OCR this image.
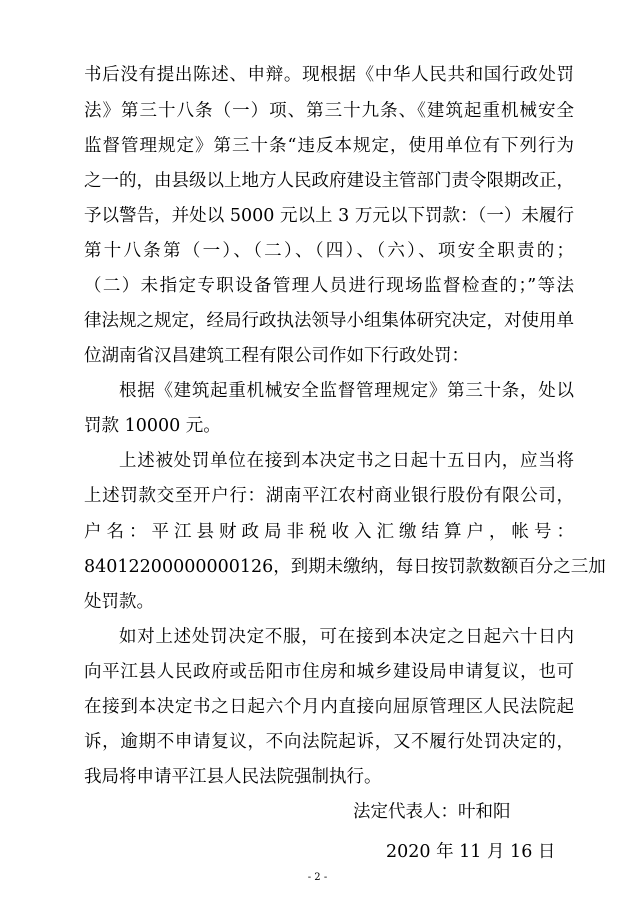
书后没有提出陈述、申辩。现根据《中华人民共和国行政处罚
法》第三十八条（一）项、第三十九条、《建筑起重机械安全
监督管理规定》第三十条“违反本规定，使用单位有下列行为
之一的，由县级以上地方人民政府建设主管部门责令限期改正，
予以警告，并处以 5000 元以上 3 万元以下罚款：（一）未履行
第十八条第（一）、（二）、（四）、（六）、项安全职责的；
（二）未指定专职设备管理人员进行现场监督检查的；”等法
律法规之规定，经局行政执法领导小组集体研究决定，对使用单
位湖南省汉昌建筑工程有限公司作如下行政处罚：
根据《建筑起重机械安全监督管理规定》第三十条，处以
罚款 10000 元。
上述被处罚单位在接到本决定书之日起十五日内，应当将
上述罚款交至开户行：湖南平江农村商业银行股份有限公司，
户名：平江县财政局非税收入汇缴结算户，帐号：
84012200000000126，到期未缴纳，每日按罚款数额百分之三加
处罚款。
如对上述处罚决定不服，可在接到本决定之日起六十日内
向平江县人民政府或岳阳市住房和城乡建设局申请复议，也可
在接到本决定书之日起六个月内直接向屈原管理区人民法院起
诉，逾期不申请复议，不向法院起诉，又不履行处罚决定的，
我局将申请平江县人民法院强制执行。
法定代表人：叶和阳
2020 年 11 月 16 日
- 2 -
